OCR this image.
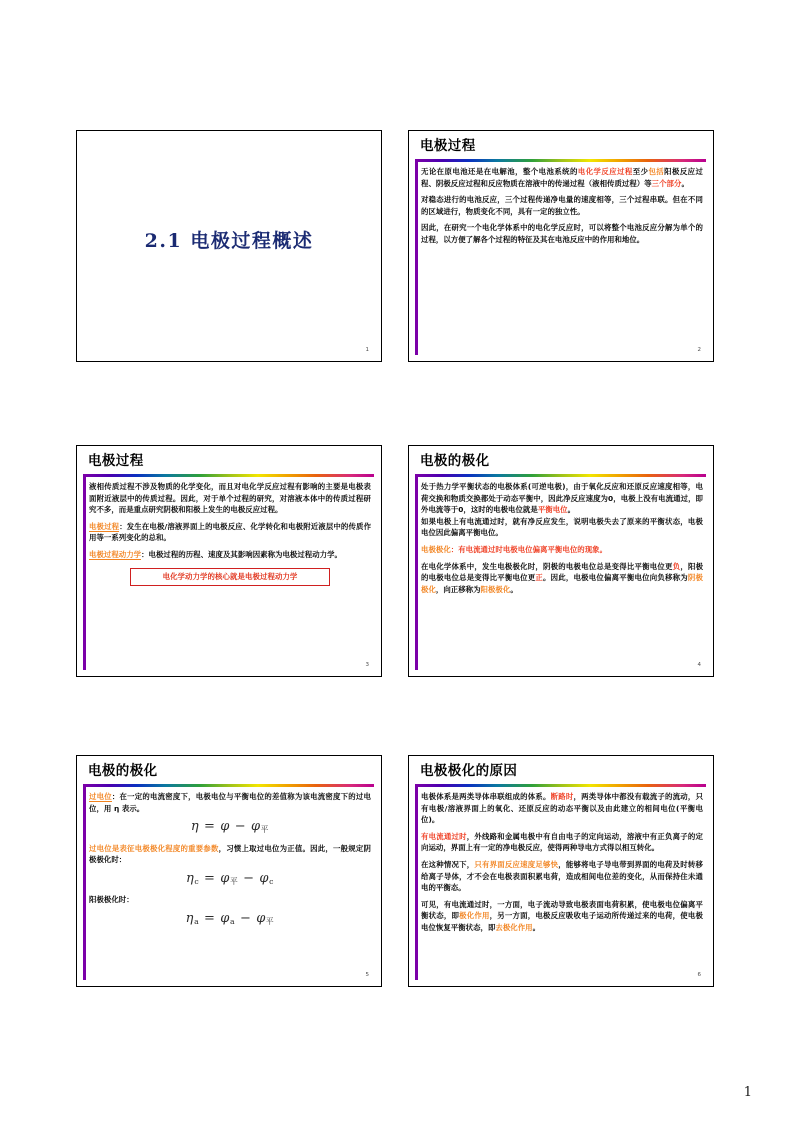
2.1 电极过程概述
1
电极过程

无论在原电池还是在电解池，整个电池系统的电化学反应过程至少包括阳极反应过程、阴极反应过程和反应物质在溶液中的传递过程（液相传质过程）等三个部分。

对稳态进行的电池反应，三个过程传递净电量的速度相等，三个过程串联。但在不同的区域进行，物质变化不同，具有一定的独立性。

因此，在研究一个电化学体系中的电化学反应时，可以将整个电池反应分解为单个的过程，以方便了解各个过程的特征及其在电池反应中的作用和地位。

2
电极过程

液相传质过程不涉及物质的化学变化，而且对电化学反应过程有影响的主要是电极表面附近液层中的传质过程。因此，对于单个过程的研究，对溶液本体中的传质过程研究不多，而是重点研究阴极和阳极上发生的电极反应过程。

电极过程：发生在电极/溶液界面上的电极反应、化学转化和电极附近液层中的传质作用等一系列变化的总和。

电极过程动力学：电极过程的历程、速度及其影响因素称为电极过程动力学。

电化学动力学的核心就是电极过程动力学
3
电极的极化

处于热力学平衡状态的电极体系(可逆电极)，由于氧化反应和还原反应速度相等，电荷交换和物质交换都处于动态平衡中，因此净反应速度为0，电极上没有电流通过，即外电流等于0，这时的电极电位就是平衡电位。

如果电极上有电流通过时，就有净反应发生，说明电极失去了原来的平衡状态，电极电位因此偏离平衡电位。

电极极化：有电流通过时电极电位偏离平衡电位的现象。

在电化学体系中，发生电极极化时，阴极的电极电位总是变得比平衡电位更负，阳极的电极电位总是变得比平衡电位更正。因此，电极电位偏离平衡电位向负移称为阴极极化，向正移称为阳极极化。

4
电极的极化

过电位：在一定的电流密度下，电极电位与平衡电位的差值称为该电流密度下的过电位，用 η 表示。

$\eta = \varphi - \varphi_平$

过电位是表征电极极化程度的重要参数，习惯上取过电位为正值。因此，一般规定阴极极化时：

$\eta_c = \varphi_平 - \varphi_c$

阳极极化时：

$\eta_a = \varphi_a - \varphi_平$
5
电极极化的原因

电极体系是两类导体串联组成的体系。断路时，两类导体中都没有载流子的流动，只有电极/溶液界面上的氧化、还原反应的动态平衡以及由此建立的相间电位(平衡电位)。

有电流通过时，外线路和金属电极中有自由电子的定向运动，溶液中有正负离子的定向运动，界面上有一定的净电极反应，使得两种导电方式得以相互转化。

在这种情况下，只有界面反应速度足够快，能够将电子导电带到界面的电荷及时转移给离子导体，才不会在电极表面积累电荷，造成相间电位差的变化，从而保持住未通电的平衡态。

可见，有电流通过时，一方面，电子流动导致电极表面电荷积累，使电极电位偏离平衡状态，即极化作用，另一方面，电极反应吸收电子运动所传递过来的电荷，使电极电位恢复平衡状态，即去极化作用。

6
1
